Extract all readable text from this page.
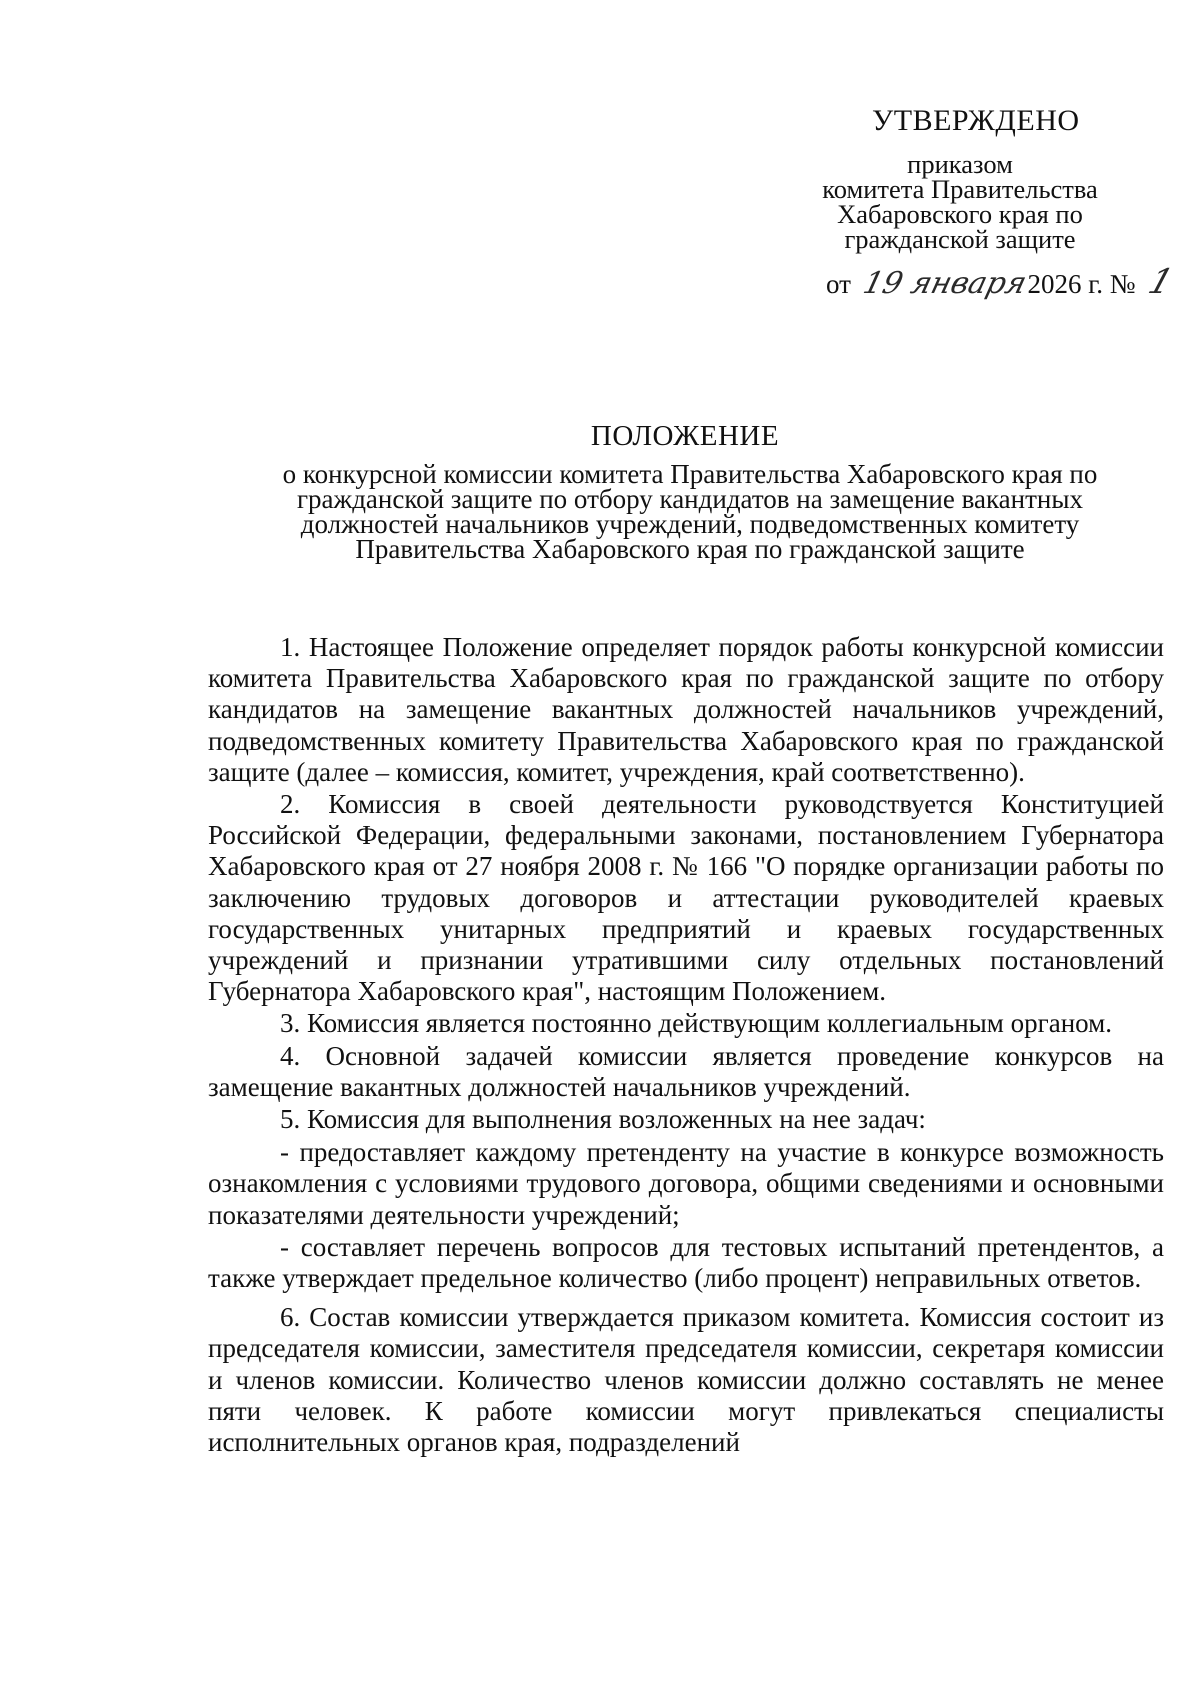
УТВЕРЖДЕНО
приказом
комитета Правительства
Хабаровского края по
гражданской защите
от 19 января2026 г. № 1
ПОЛОЖЕНИЕ
о конкурсной комиссии комитета Правительства Хабаровского края по
гражданской защите по отбору кандидатов на замещение вакантных
должностей начальников учреждений, подведомственных комитету
Правительства Хабаровского края по гражданской защите

1. Настоящее Положение определяет порядок работы конкурсной комиссии комитета Правительства Хабаровского края по гражданской защите по отбору кандидатов на замещение вакантных должностей начальников учреждений, подведомственных комитету Правительства Хабаровского края по гражданской защите (далее – комиссия, комитет, учреждения, край соответственно).

2. Комиссия в своей деятельности руководствуется Конституцией Российской Федерации, федеральными законами, постановлением Губернатора Хабаровского края от 27 ноября 2008 г. № 166 "О порядке организации работы по заключению трудовых договоров и аттестации руководителей краевых государственных унитарных предприятий и краевых государственных учреждений и признании утратившими силу отдельных постановлений Губернатора Хабаровского края", настоящим Положением.

3. Комиссия является постоянно действующим коллегиальным органом.

4. Основной задачей комиссии является проведение конкурсов на замещение вакантных должностей начальников учреждений.

5. Комиссия для выполнения возложенных на нее задач:

- предоставляет каждому претенденту на участие в конкурсе возможность ознакомления с условиями трудового договора, общими сведениями и основными показателями деятельности учреждений;

- составляет перечень вопросов для тестовых испытаний претендентов, а также утверждает предельное количество (либо процент) неправильных ответов.

6. Состав комиссии утверждается приказом комитета. Комиссия состоит из председателя комиссии, заместителя председателя комиссии, секретаря комиссии и членов комиссии. Количество членов комиссии должно составлять не менее пяти человек. К работе комиссии могут привлекаться специалисты исполнительных органов края, подразделений
